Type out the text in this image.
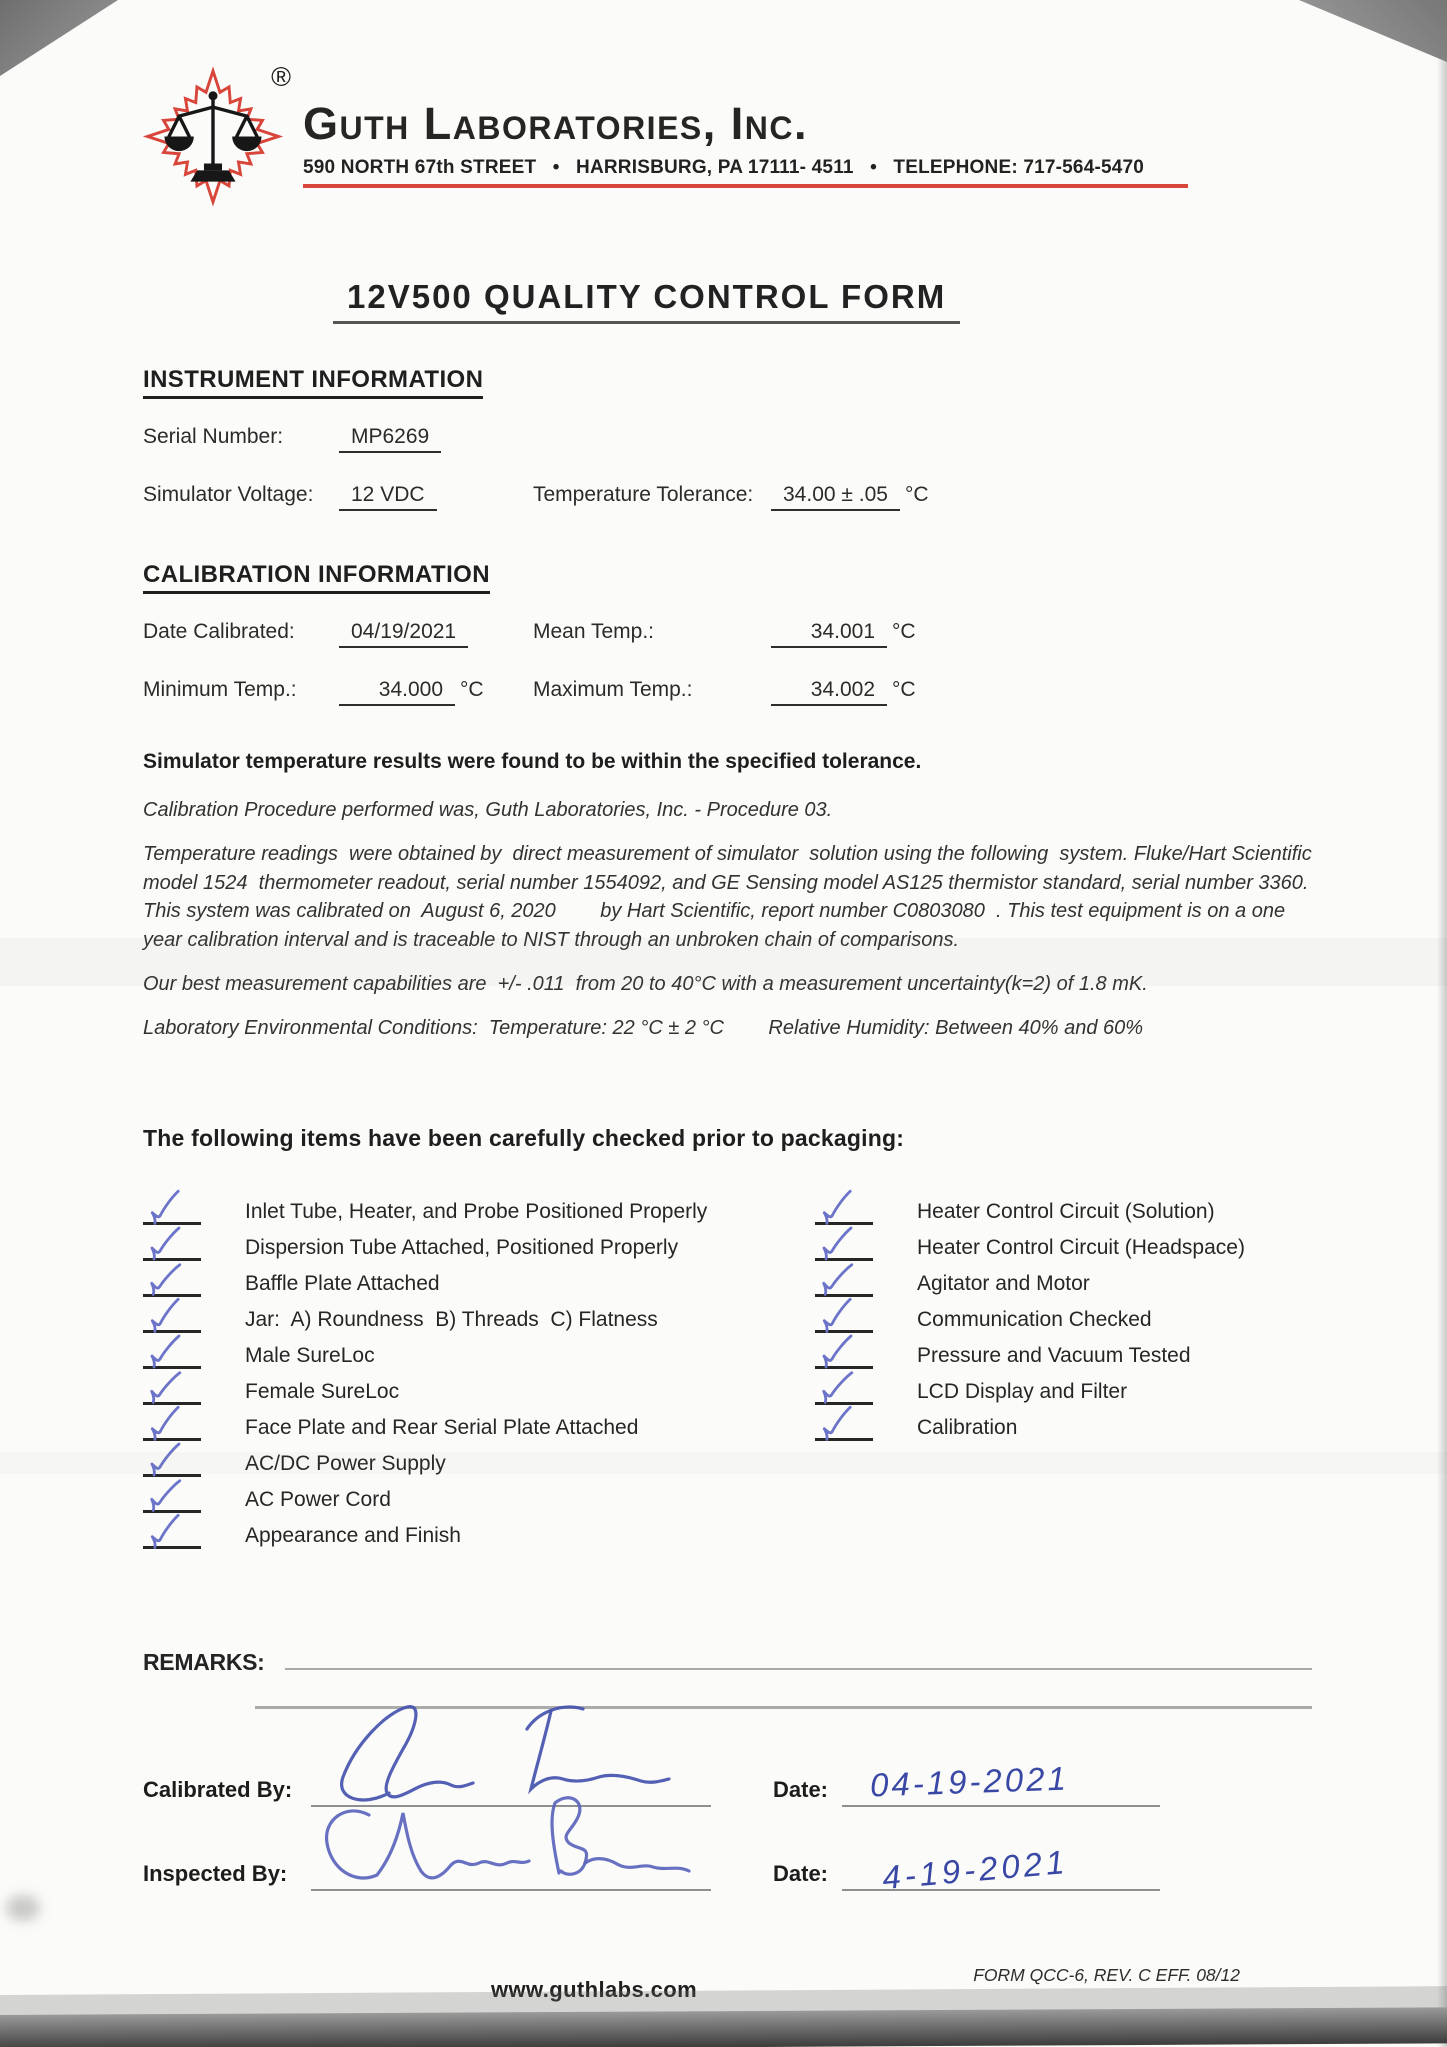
®
Guth Laboratories, Inc.
590 NORTH 67th STREET   •   HARRISBURG, PA 17111- 4511   •   TELEPHONE: 717-564-5470
12V500 QUALITY CONTROL FORM
INSTRUMENT INFORMATION
Serial Number:	MP6269
Simulator Voltage:	12 VDC	Temperature Tolerance:	34.00 ± .05 °C
CALIBRATION INFORMATION
Date Calibrated:	04/19/2021	Mean Temp.:	34.001 °C
Minimum Temp.:	34.000 °C Maximum Temp.:	34.002 °C
Simulator temperature results were found to be within the specified tolerance.
Calibration Procedure performed was, Guth Laboratories, Inc. - Procedure 03.
Temperature readings  were obtained by  direct measurement of simulator  solution using the following  system. Fluke/Hart Scientific model 1524  thermometer readout, serial number 1554092, and GE Sensing model AS125 thermistor standard, serial number 3360. This system was calibrated on  August 6, 2020        by Hart Scientific, report number C0803080  . This test equipment is on a one year calibration interval and is traceable to NIST through an unbroken chain of comparisons.
Our best measurement capabilities are  +/- .011  from 20 to 40°C with a measurement uncertainty(k=2) of 1.8 mK.
Laboratory Environmental Conditions:  Temperature: 22 °C ± 2 °C        Relative Humidity: Between 40% and 60%
The following items have been carefully checked prior to packaging:
Inlet Tube, Heater, and Probe Positioned Properly
Dispersion Tube Attached, Positioned Properly
Baffle Plate Attached
Jar:  A) Roundness  B) Threads  C) Flatness
Male SureLoc
Female SureLoc
Face Plate and Rear Serial Plate Attached
AC/DC Power Supply
AC Power Cord
Appearance and Finish
Heater Control Circuit (Solution)
Heater Control Circuit (Headspace)
Agitator and Motor
Communication Checked
Pressure and Vacuum Tested
LCD Display and Filter
Calibration
REMARKS:
Calibrated By:	Date: 04-19-2021
Inspected By:	Date: 4-19-2021
www.guthlabs.com
FORM QCC-6, REV. C EFF. 08/12
